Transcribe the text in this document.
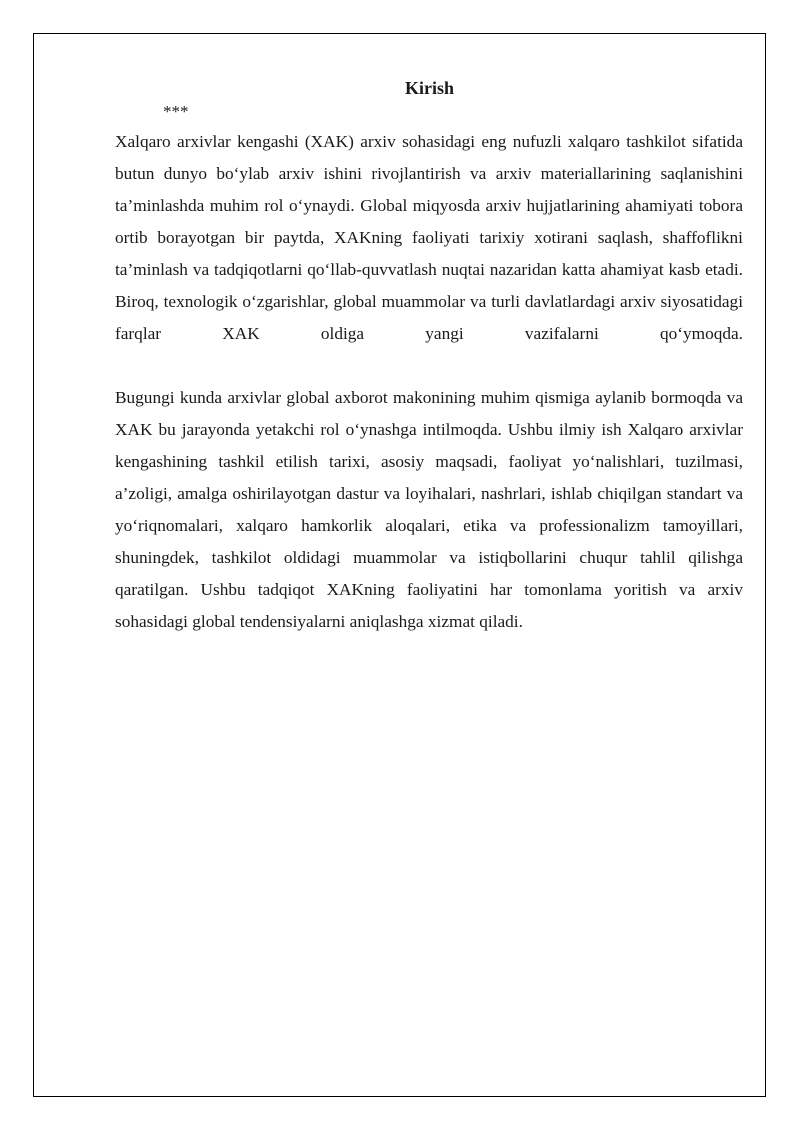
Kirish

***

Xalqaro arxivlar kengashi (XAK) arxiv sohasidagi eng nufuzli xalqaro tashkilot sifatida butun dunyo bo‘ylab arxiv ishini rivojlantirish va arxiv materiallarining saqlanishini ta’minlashda muhim rol o‘ynaydi. Global miqyosda arxiv hujjatlarining ahamiyati tobora ortib borayotgan bir paytda, XAKning faoliyati tarixiy xotirani saqlash, shaffoflikni ta’minlash va tadqiqotlarni qo‘llab-quvvatlash nuqtai nazaridan katta ahamiyat kasb etadi. Biroq, texnologik o‘zgarishlar, global muammolar va turli davlatlardagi arxiv siyosatidagi farqlar XAK oldiga yangi vazifalarni qo‘ymoqda.

Bugungi kunda arxivlar global axborot makonining muhim qismiga aylanib bormoqda va XAK bu jarayonda yetakchi rol o‘ynashga intilmoqda. Ushbu ilmiy ish Xalqaro arxivlar kengashining tashkil etilish tarixi, asosiy maqsadi, faoliyat yo‘nalishlari, tuzilmasi, a’zoligi, amalga oshirilayotgan dastur va loyihalari, nashrlari, ishlab chiqilgan standart va yo‘riqnomalari, xalqaro hamkorlik aloqalari, etika va professionalizm tamoyillari, shuningdek, tashkilot oldidagi muammolar va istiqbollarini chuqur tahlil qilishga qaratilgan. Ushbu tadqiqot XAKning faoliyatini har tomonlama yoritish va arxiv sohasidagi global tendensiyalarni aniqlashga xizmat qiladi.
